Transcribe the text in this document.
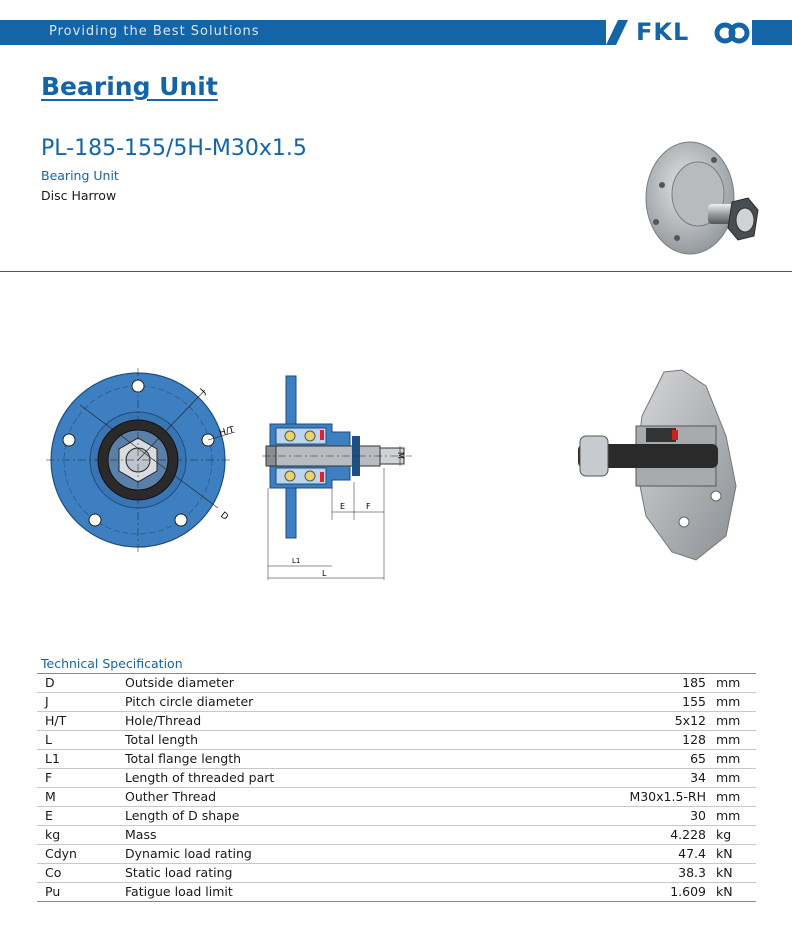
Providing the Best Solutions	FKL
Bearing Unit
PL-185-155/5H-M30x1.5
Bearing Unit
Disc Harrow
J
H/T
D
M
E	F
L1
L
Technical Specification
D	Outside diameter	185	mm
J	Pitch circle diameter	155	mm
H/T	Hole/Thread	5x12	mm
L	Total length	128	mm
L1	Total flange length	65	mm
F	Length of threaded part	34	mm
M	Outher Thread	M30x1.5-RH	mm
E	Length of D shape	30	mm
kg	Mass	4.228	kg
Cdyn	Dynamic load rating	47.4	kN
Co	Static load rating	38.3	kN
Pu	Fatigue load limit	1.609	kN
